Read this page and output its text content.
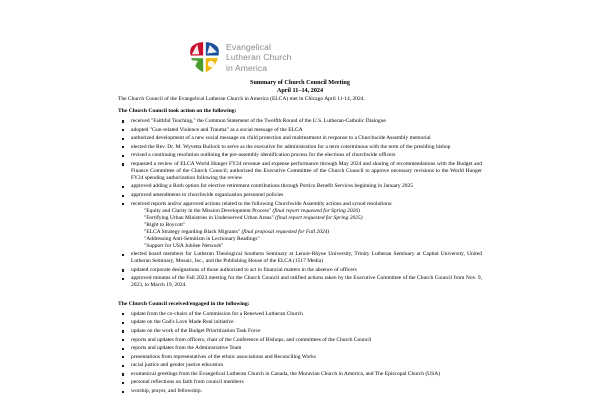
Evangelical
Lutheran Church
in America
Summary of Church Council Meeting
April 11–14, 2024

The Church Council of the Evangelical Lutheran Church in America (ELCA) met in Chicago April 11-14, 2024.

The Church Council took action on the following:

received "Faithful Teaching," the Common Statement of the Twelfth Round of the U.S. Lutheran-Catholic Dialogue
adopted "Gun-related Violence and Trauma" as a social message of the ELCA
authorized development of a new social message on child protection and maltreatment in response to a Churchwide Assembly memorial
elected the Rev. Dr. M. Wyvetta Bullock to serve as the executive for administration for a term coterminous with the term of the presiding bishop
revised a continuing resolution outlining the pre-assembly identification process for the elections of churchwide officers
requested a review of ELCA World Hunger FY24 revenue and expense performance through May 2024 and sharing of recommendations with the Budget and Finance Committee of the Church Council; authorized the Executive Committee of the Church Council to approve necessary revisions to the World Hunger FY24 spending authorization following the review
approved adding a Roth option for elective retirement contributions through Portico Benefit Services beginning in January 2025
approved amendments to churchwide organization personnel policies
received reports and/or approved actions related to the following Churchwide Assembly actions and synod resolutions:
"Equity and Clarity in the Mission Development Process" (final report requested for Spring 2026)
"Fortifying Urban Ministries in Underserved Urban Areas" (final report requested for Spring 2025)
"Right to Boycott"
"ELCA Strategy regarding Black Migrants" (final proposal requested for Fall 2024)
"Addressing Anti-Semitism in Lectionary Readings"
"Support for USA Jubilee Network"
elected board members for Lutheran Theological Southern Seminary at Lenoir-Rhyne University, Trinity Lutheran Seminary at Capital University, United Lutheran Seminary, Mosaic, Inc., and the Publishing House of the ELCA (1517 Media)
updated corporate designations of those authorized to act in financial matters in the absence of officers
approved minutes of the Fall 2023 meeting for the Church Council and ratified actions taken by the Executive Committee of the Church Council from Nov. 9, 2023, to March 19, 2024.

The Church Council received/engaged in the following:

update from the co-chairs of the Commission for a Renewed Lutheran Church
update on the God's Love Made Real initiative
update on the work of the Budget Prioritization Task Force
reports and updates from officers, chair of the Conference of Bishops, and committees of the Church Council
reports and updates from the Administrative Team
presentations from representatives of the ethnic associations and Reconciling Works
racial justice and gender justice education
ecumenical greetings from the Evangelical Lutheran Church in Canada, the Moravian Church in America, and The Episcopal Church (USA)
personal reflections on faith from council members
worship, prayer, and fellowship.
